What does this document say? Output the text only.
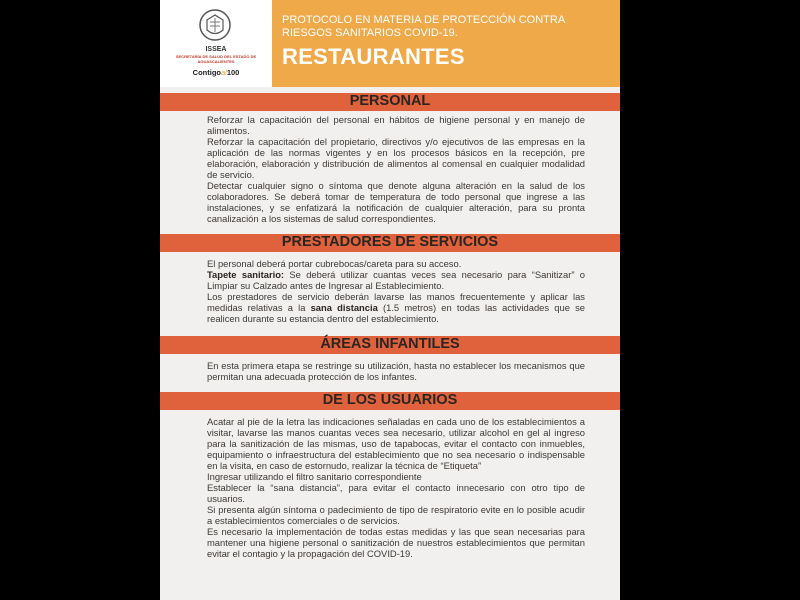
ISSEA
SECRETARÍA DE SALUD DEL ESTADO DE AGUASCALIENTES
Contigoal100
PROTOCOLO EN MATERIA DE PROTECCIÓN CONTRA RIESGOS SANITARIOS COVID-19.
RESTAURANTES
PERSONAL

Reforzar la capacitación del personal en hábitos de higiene personal y en manejo de alimentos.

Reforzar la capacitación del propietario, directivos y/o ejecutivos de las empresas en la aplicación de las normas vigentes y en los procesos básicos en la recepción, pre elaboración, elaboración y distribución de alimentos al comensal en cualquier modalidad de servicio.

Detectar cualquier signo o síntoma que denote alguna alteración en la salud de los colaboradores. Se deberá tomar de temperatura de todo personal que ingrese a las instalaciones, y se enfatizará la notificación de cualquier alteración, para su pronta canalización a los sistemas de salud correspondientes.

PRESTADORES DE SERVICIOS

El personal deberá portar cubrebocas/careta para su acceso.

Tapete sanitario: Se deberá utilizar cuantas veces sea necesario para “Sanitizar” o Limpiar su Calzado antes de Ingresar al Establecimiento.

Los prestadores de servicio deberán lavarse las manos frecuentemente y aplicar las medidas relativas a la sana distancia (1.5 metros) en todas las actividades que se realicen durante su estancia dentro del establecimiento.

ÁREAS INFANTILES

En esta primera etapa se restringe su utilización, hasta no establecer los mecanismos que permitan una adecuada protección de los infantes.

DE LOS USUARIOS

Acatar al pie de la letra las indicaciones señaladas en cada uno de los establecimientos a visitar, lavarse las manos cuantas veces sea necesario, utilizar alcohol en gel al ingreso para la sanitización de las mismas, uso de tapabocas, evitar el contacto con inmuebles, equipamiento o infraestructura del establecimiento que no sea necesario o indispensable en la visita, en caso de estornudo, realizar la técnica de “Etiqueta”

Ingresar utilizando el filtro sanitario correspondiente

Establecer la “sana distancia”, para evitar el contacto innecesario con otro tipo de usuarios.

Si presenta algún síntoma o padecimiento de tipo de respiratorio evite en lo posible acudir a establecimientos comerciales o de servicios.

Es necesario la implementación de todas estas medidas y las que sean necesarias para mantener una higiene personal o sanitización de nuestros establecimientos que permitan evitar el contagio y la propagación del COVID-19.
